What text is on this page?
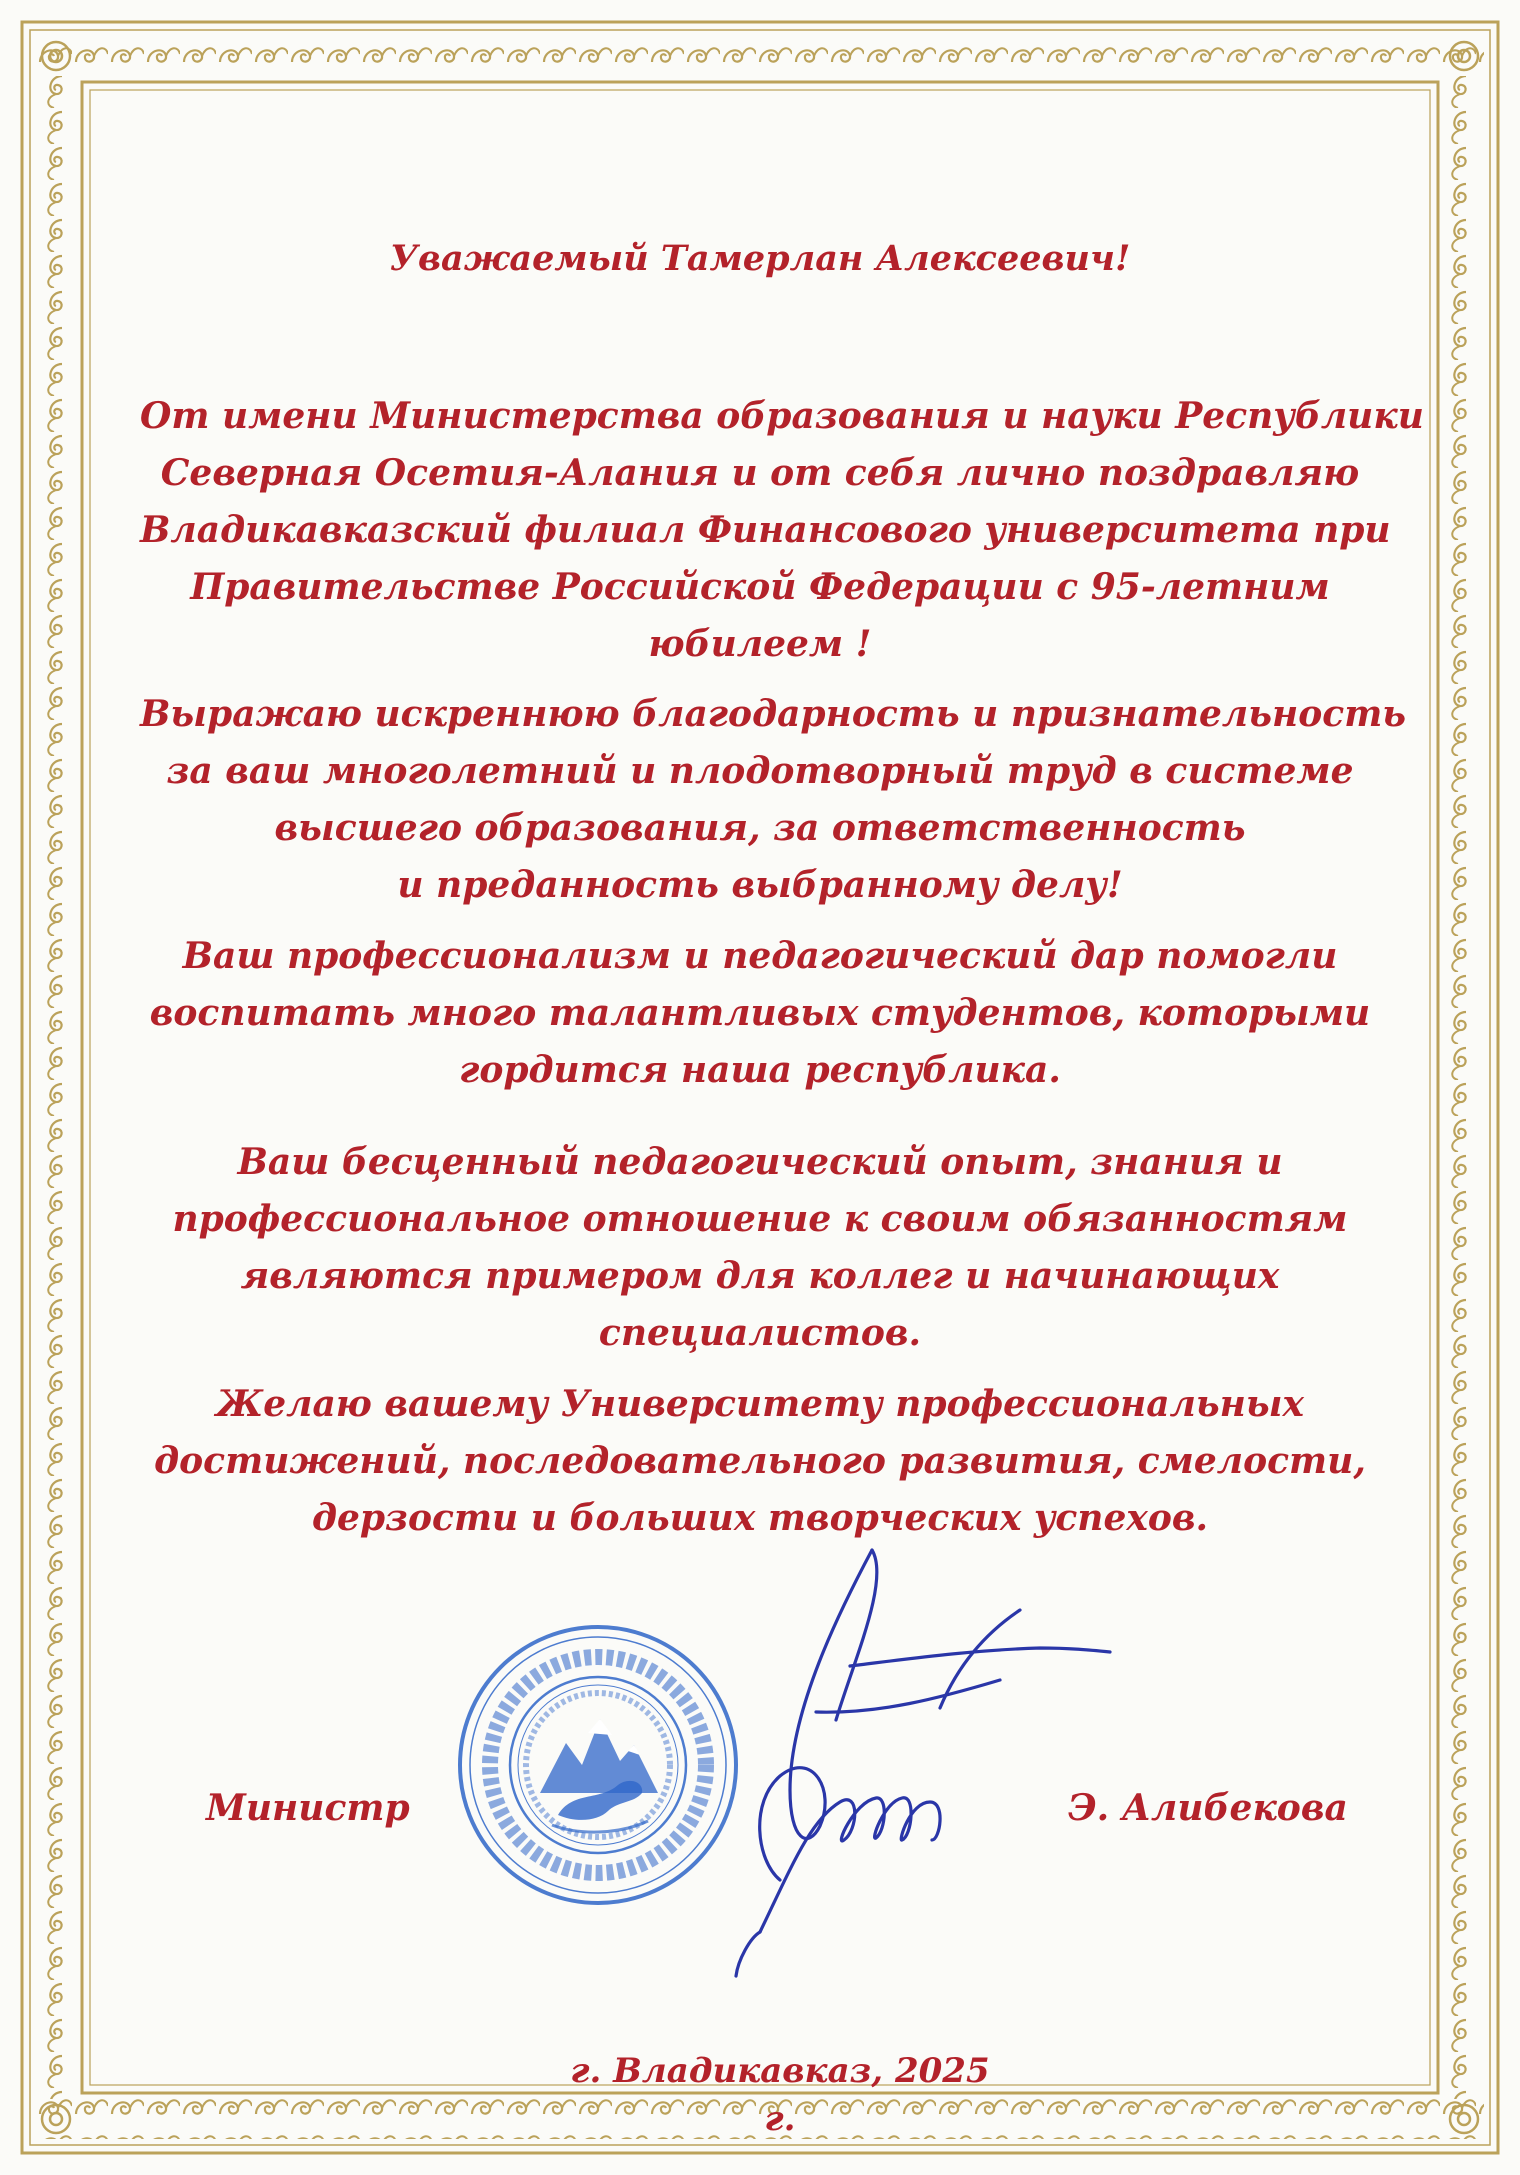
Уважаемый Тамерлан Алексеевич!

От имени Министерства образования и науки Республики
Северная Осетия-Алания и от себя лично поздравляю
Владикавказский филиал Финансового университета при
Правительстве Российской Федерации с 95-летним
юбилеем !

Выражаю искреннюю благодарность и признательность
за ваш многолетний и плодотворный труд в системе
высшего образования, за ответственность
и преданность выбранному делу!

Ваш профессионализм и педагогический дар помогли
воспитать много талантливых студентов, которыми
гордится наша республика.

Ваш бесценный педагогический опыт, знания и
профессиональное отношение к своим обязанностям
являются примером для коллег и начинающих
специалистов.

Желаю вашему Университету профессиональных
достижений, последовательного развития, смелости,
дерзости и больших творческих успехов.

Министр	Э. Алибекова
г. Владикавказ, 2025 г.
